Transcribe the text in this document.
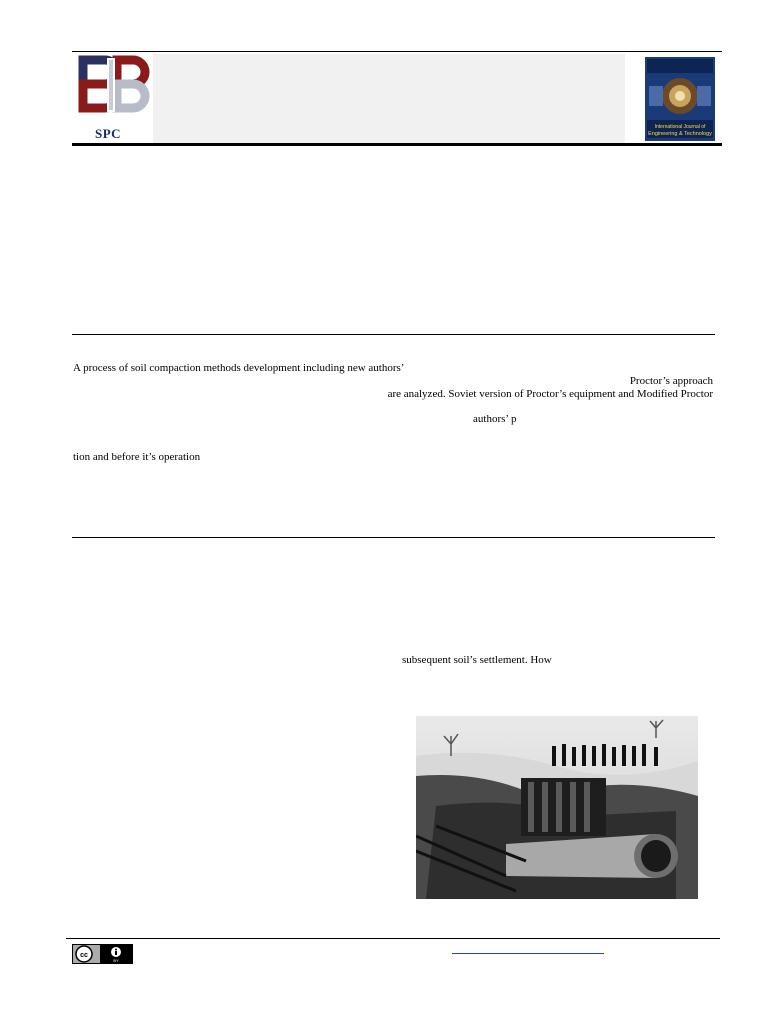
SPC	International Journal of
Engineering & Technology
A process of soil compaction methods development including new authors’
Proctor’s approach
are analyzed. Soviet version of Proctor’s equipment and Modified Proctor
authors’ p
tion and before it’s operation
subsequent soil’s settlement. How
cc
BY
